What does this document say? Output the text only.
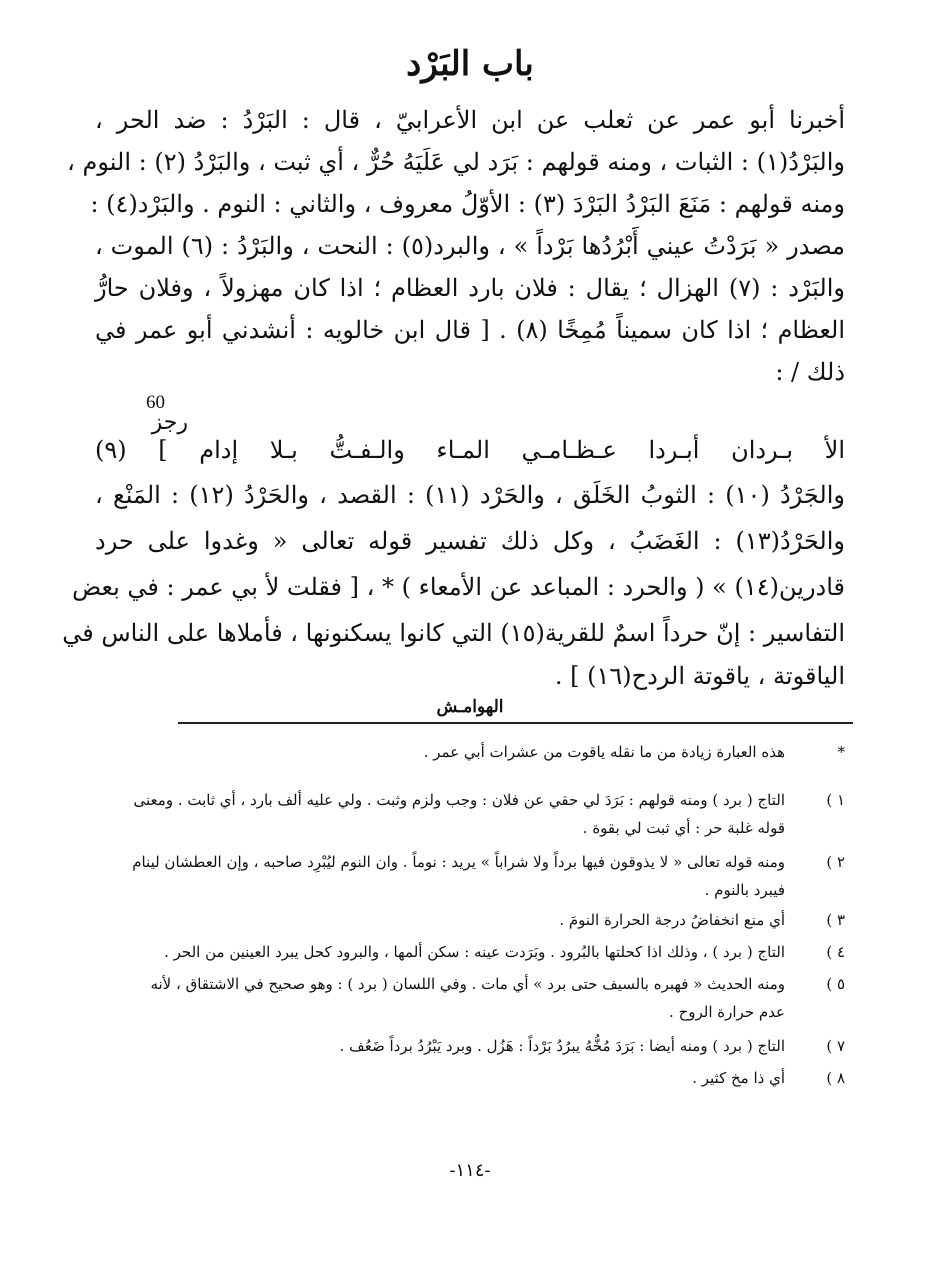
باب البَرْد
60
أخبرنا أبو عمر عن ثعلب عن ابن الأعرابيّ ، قال : البَرْدُ : ضد الحر ،
والبَرْدُ(١) : الثبات ، ومنه قولهم : بَرَد لي عَلَيَهُ حُرٌّ ، أي ثبت ، والبَرْدُ (٢) : النوم ،
ومنه قولهم : مَنَعَ البَرْدُ البَرْدَ (٣) : الأوّلُ معروف ، والثاني : النوم . والبَرْد(٤) :
مصدر « بَرَدْتُ عيني أَبْرُدُها بَرْداً » ، والبرد(٥) : النحت ، والبَرْدُ : (٦) الموت ،
والبَرْد : (٧) الهزال ؛ يقال : فلان بارد العظام ؛ اذا كان مهزولاً ، وفلان حارُّ
العظام ؛ اذا كان سميناً مُمِخًا (٨) . [ قال ابن خالويه : أنشدني أبو عمر في
ذلك / :
رجز
الأ بـردان أبـردا عـظـامـي المـاء والـفـتُّ بـلا إدام ] (٩)
والجَرْدُ (١٠) : الثوبُ الخَلَق ، والحَرْد (١١) : القصد ، والحَرْدُ (١٢) : المَنْع ،
والحَرْدُ(١٣) : الغَضَبُ ، وكل ذلك تفسير قوله تعالى « وغدوا على حرد
قادرين(١٤) » ( والحرد : المباعد عن الأمعاء ) * ، [ فقلت لأ بي عمر : في بعض
التفاسير : إنّ حرداً اسمٌ للقرية(١٥) التي كانوا يسكنونها ، فأملاها على الناس في
الياقوتة ، ياقوتة الردح(١٦) ] .
الهوامـش
*

هذه العبارة زيادة من ما نقله ياقوت من عشرات أبي عمر .

١ )

التاج ( برد ) ومنه قولهم : بَرَدَ لي حقي عن فلان : وجب ولزم وثبت . ولي عليه ألف بارد ، أي ثابت . ومعنى

قوله غلبة حر : أي ثبت لي بقوة .

٢ )

ومنه قوله تعالى « لا يذوقون فيها برداً ولا شراباً » يريد : نوماً . وان النوم ليُبْرِد صاحبه ، وإن العطشان لينام

فيبرد بالنوم .

٣ )

أي منع انخفاضُ درجة الحرارة النومَ .

٤ )

التاج ( برد ) ، وذلك اذا كحلتها بالبُرود . وبَرَدت عينه : سكن ألمها ، والبرود كحل يبرد العينين من الحر .

٥ )

ومنه الحديث « فهبره بالسيف حتى برد » أي مات . وفي اللسان ( برد ) : وهو صحيح في الاشتقاق ، لأنه

عدم حرارة الروح .

٧ )

التاج ( برد ) ومنه أيضا : بَرَدَ مُخُّهُ يبرُدُ بَرْداً : هَزُل . وبرد يَبْرُدُ برداً ضَعُف .

٨ )

أي ذا مخ كثير .

-١١٤-
